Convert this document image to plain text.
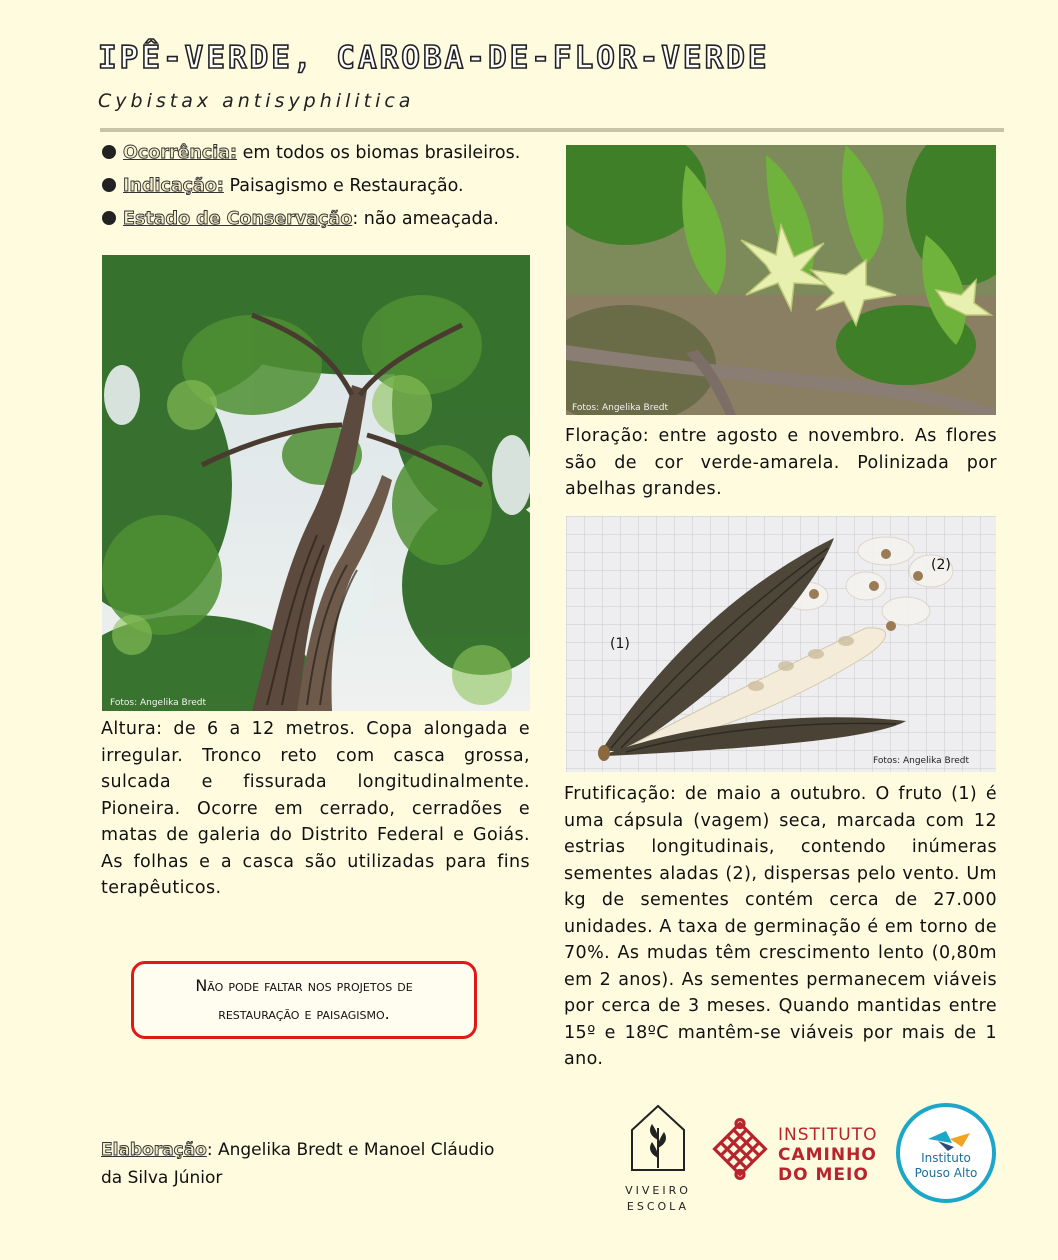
IPÊ-VERDE, CAROBA-DE-FLOR-VERDE
Cybistax antisyphilitica
Ocorrência: em todos os biomas brasileiros.
Indicação: Paisagismo e Restauração.
Estado de Conservação: não ameaçada.
Fotos: Angelika Bredt
Fotos: Angelika Bredt
Floração: entre agosto e novembro. As flores são de cor verde-amarela. Polinizada por abelhas grandes.
(1)
(2)
Fotos: Angelika Bredt
Altura: de 6 a 12 metros. Copa alongada e irregular. Tronco reto com casca grossa, sulcada e fissurada longitudinalmente. Pioneira. Ocorre em cerrado, cerradões e matas de galeria do Distrito Federal e Goiás. As folhas e a casca são utilizadas para fins terapêuticos.
Frutificação: de maio a outubro. O fruto (1) é uma cápsula (vagem) seca, marcada com 12 estrias longitudinais, contendo inúmeras sementes aladas (2), dispersas pelo vento. Um kg de sementes contém cerca de 27.000 unidades. A taxa de germinação é em torno de 70%. As mudas têm crescimento lento (0,80m em 2 anos). As sementes permanecem viáveis por cerca de 3 meses. Quando mantidas entre 15º e 18ºC mantêm-se viáveis por mais de 1 ano.
Não pode faltar nos projetos de
restauração e paisagismo.
Elaboração: Angelika Bredt e Manoel Cláudio da Silva Júnior
VIVEIRO
ESCOLA
INSTITUTO
CAMINHO
DO MEIO
Instituto
Pouso Alto
